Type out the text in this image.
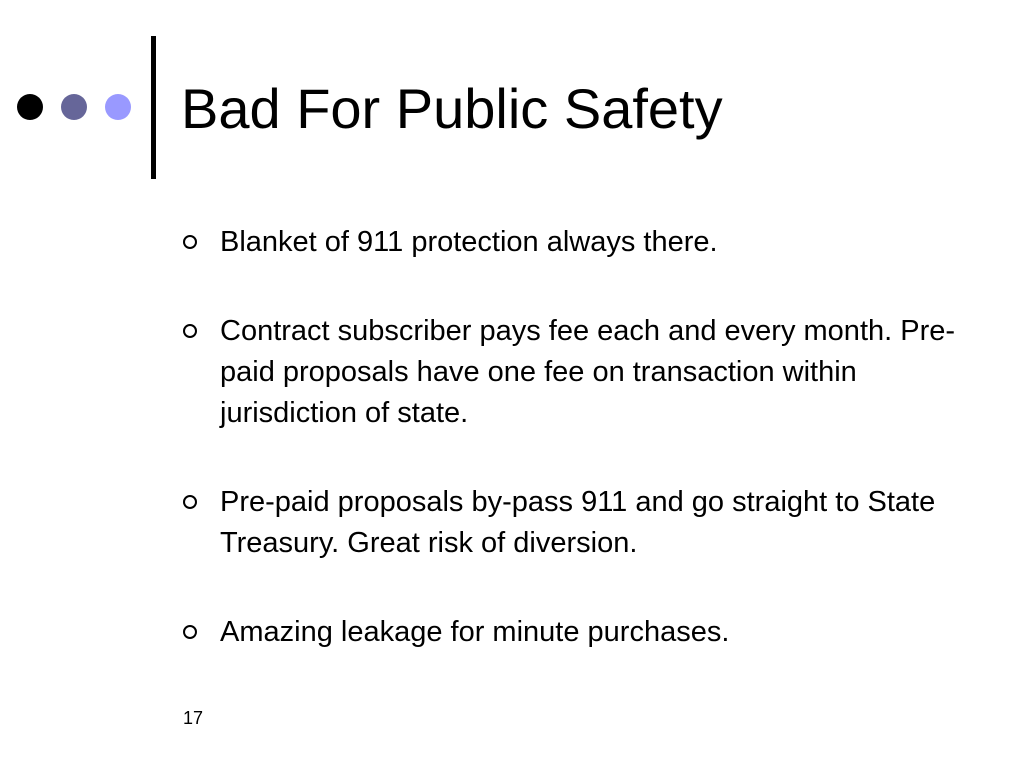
Bad For Public Safety
Blanket of 911 protection always there.
Contract subscriber pays fee each and every month. Pre-paid proposals have one fee on transaction within jurisdiction of state.
Pre-paid proposals by-pass 911 and go straight to State Treasury. Great risk of diversion.
Amazing leakage for minute purchases.
17
